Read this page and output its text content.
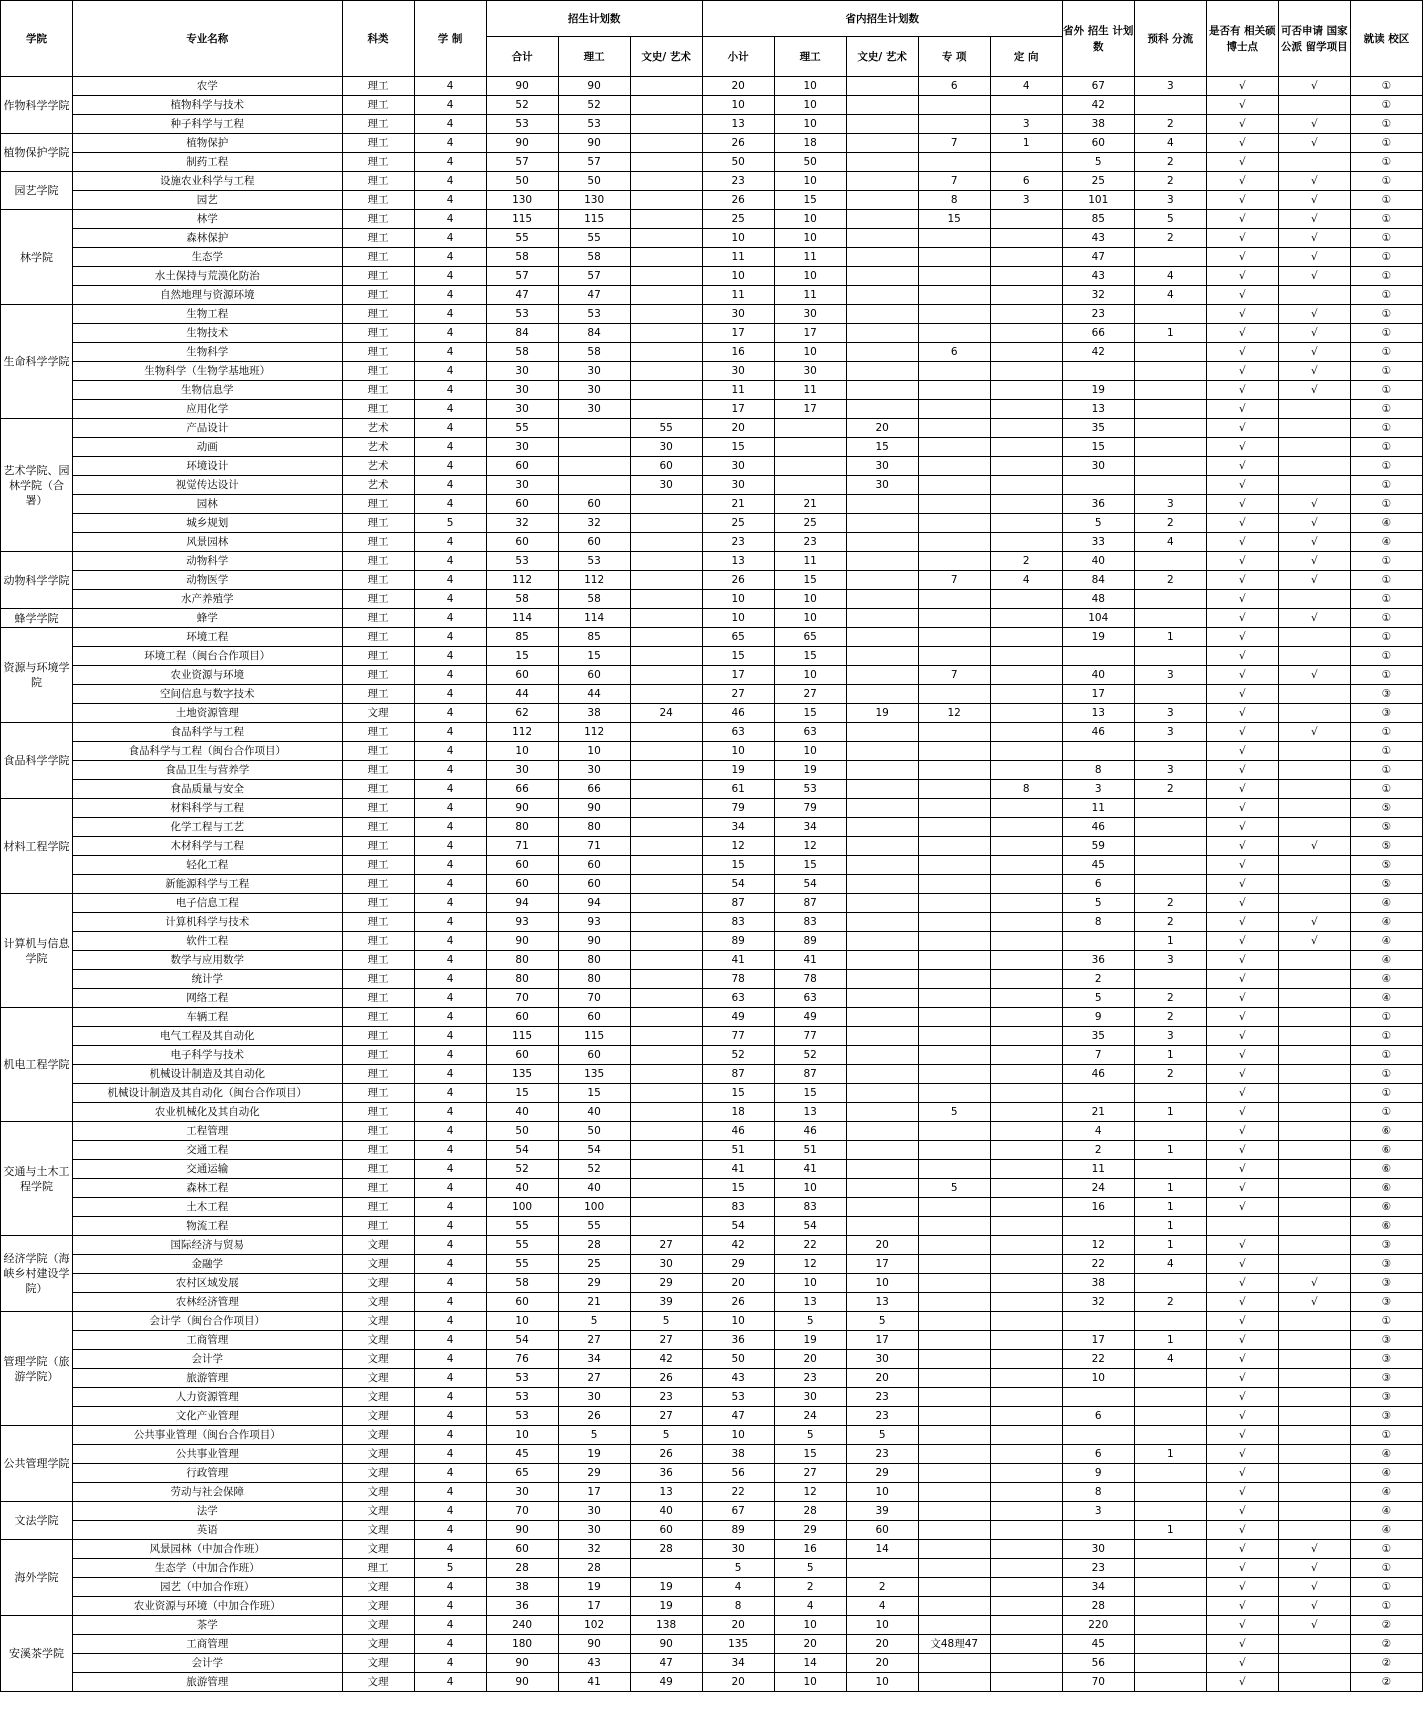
学院	专业名称	科类	学 制	招生计划数			省内招生计划数					省外 招生 计划数	预科 分流	是否有 相关硕 博士点	可否申请 国家公派 留学项目	就读 校区
				合计	理工	文史/ 艺术	小计	理工	文史/ 艺术	专 项	定 向					
作物科学学院	农学	理工	4	90	90		20	10		6	4	67	3	√	√	①
	植物科学与技术	理工	4	52	52		10	10				42		√		①
	种子科学与工程	理工	4	53	53		13	10			3	38	2	√	√	①
植物保护学院	植物保护	理工	4	90	90		26	18		7	1	60	4	√	√	①
	制药工程	理工	4	57	57		50	50				5	2	√		①
园艺学院	设施农业科学与工程	理工	4	50	50		23	10		7	6	25	2	√	√	①
	园艺	理工	4	130	130		26	15		8	3	101	3	√	√	①
林学院	林学	理工	4	115	115		25	10		15		85	5	√	√	①
	森林保护	理工	4	55	55		10	10				43	2	√	√	①
	生态学	理工	4	58	58		11	11				47		√	√	①
	水土保持与荒漠化防治	理工	4	57	57		10	10				43	4	√	√	①
	自然地理与资源环境	理工	4	47	47		11	11				32	4	√		①
生命科学学院	生物工程	理工	4	53	53		30	30				23		√	√	①
	生物技术	理工	4	84	84		17	17				66	1	√	√	①
	生物科学	理工	4	58	58		16	10		6		42		√	√	①
	生物科学（生物学基地班）	理工	4	30	30		30	30						√	√	①
	生物信息学	理工	4	30	30		11	11				19		√	√	①
	应用化学	理工	4	30	30		17	17				13		√		①
艺术学院、园林学院（合署）	产品设计	艺术	4	55		55	20		20			35		√		①
	动画	艺术	4	30		30	15		15			15		√		①
	环境设计	艺术	4	60		60	30		30			30		√		①
	视觉传达设计	艺术	4	30		30	30		30					√		①
	园林	理工	4	60	60		21	21				36	3	√	√	①
	城乡规划	理工	5	32	32		25	25				5	2	√	√	④
	风景园林	理工	4	60	60		23	23				33	4	√	√	④
动物科学学院	动物科学	理工	4	53	53		13	11			2	40		√	√	①
	动物医学	理工	4	112	112		26	15		7	4	84	2	√	√	①
	水产养殖学	理工	4	58	58		10	10				48		√		①
蜂学学院	蜂学	理工	4	114	114		10	10				104		√	√	①
资源与环境学院	环境工程	理工	4	85	85		65	65				19	1	√		①
	环境工程（闽台合作项目）	理工	4	15	15		15	15						√		①
	农业资源与环境	理工	4	60	60		17	10		7		40	3	√	√	①
	空间信息与数字技术	理工	4	44	44		27	27				17		√		③
	土地资源管理	文理	4	62	38	24	46	15	19	12		13	3	√		③
食品科学学院	食品科学与工程	理工	4	112	112		63	63				46	3	√	√	①
	食品科学与工程（闽台合作项目）	理工	4	10	10		10	10						√		①
	食品卫生与营养学	理工	4	30	30		19	19				8	3	√		①
	食品质量与安全	理工	4	66	66		61	53			8	3	2	√		①
材料工程学院	材料科学与工程	理工	4	90	90		79	79				11		√		⑤
	化学工程与工艺	理工	4	80	80		34	34				46		√		⑤
	木材科学与工程	理工	4	71	71		12	12				59		√	√	⑤
	轻化工程	理工	4	60	60		15	15				45		√		⑤
	新能源科学与工程	理工	4	60	60		54	54				6		√		⑤
计算机与信息学院	电子信息工程	理工	4	94	94		87	87				5	2	√		④
	计算机科学与技术	理工	4	93	93		83	83				8	2	√	√	④
	软件工程	理工	4	90	90		89	89					1	√	√	④
	数学与应用数学	理工	4	80	80		41	41				36	3	√		④
	统计学	理工	4	80	80		78	78				2		√		④
	网络工程	理工	4	70	70		63	63				5	2	√		④
机电工程学院	车辆工程	理工	4	60	60		49	49				9	2	√		①
	电气工程及其自动化	理工	4	115	115		77	77				35	3	√		①
	电子科学与技术	理工	4	60	60		52	52				7	1	√		①
	机械设计制造及其自动化	理工	4	135	135		87	87				46	2	√		①
	机械设计制造及其自动化（闽台合作项目）	理工	4	15	15		15	15						√		①
	农业机械化及其自动化	理工	4	40	40		18	13		5		21	1	√		①
交通与土木工程学院	工程管理	理工	4	50	50		46	46				4		√		⑥
	交通工程	理工	4	54	54		51	51				2	1	√		⑥
	交通运输	理工	4	52	52		41	41				11		√		⑥
	森林工程	理工	4	40	40		15	10		5		24	1	√		⑥
	土木工程	理工	4	100	100		83	83				16	1	√		⑥
	物流工程	理工	4	55	55		54	54					1			⑥
经济学院（海峡乡村建设学院）	国际经济与贸易	文理	4	55	28	27	42	22	20			12	1	√		③
	金融学	文理	4	55	25	30	29	12	17			22	4	√		③
	农村区域发展	文理	4	58	29	29	20	10	10			38		√	√	③
	农林经济管理	文理	4	60	21	39	26	13	13			32	2	√	√	③
管理学院（旅游学院）	会计学（闽台合作项目）	文理	4	10	5	5	10	5	5					√		①
	工商管理	文理	4	54	27	27	36	19	17			17	1	√		③
	会计学	文理	4	76	34	42	50	20	30			22	4	√		③
	旅游管理	文理	4	53	27	26	43	23	20			10		√		③
	人力资源管理	文理	4	53	30	23	53	30	23					√		③
	文化产业管理	文理	4	53	26	27	47	24	23			6		√		③
公共管理学院	公共事业管理（闽台合作项目）	文理	4	10	5	5	10	5	5					√		①
	公共事业管理	文理	4	45	19	26	38	15	23			6	1	√		④
	行政管理	文理	4	65	29	36	56	27	29			9		√		④
	劳动与社会保障	文理	4	30	17	13	22	12	10			8		√		④
文法学院	法学	文理	4	70	30	40	67	28	39			3		√		④
	英语	文理	4	90	30	60	89	29	60				1	√		④
海外学院	风景园林（中加合作班）	文理	4	60	32	28	30	16	14			30		√	√	①
	生态学（中加合作班）	理工	5	28	28		5	5				23		√	√	①
	园艺（中加合作班）	文理	4	38	19	19	4	2	2			34		√	√	①
	农业资源与环境（中加合作班）	文理	4	36	17	19	8	4	4			28		√	√	①
安溪茶学院	茶学	文理	4	240	102	138	20	10	10			220		√	√	②
	工商管理	文理	4	180	90	90	135	20	20	文48理47		45		√		②
	会计学	文理	4	90	43	47	34	14	20			56		√		②
	旅游管理	文理	4	90	41	49	20	10	10			70		√		②
